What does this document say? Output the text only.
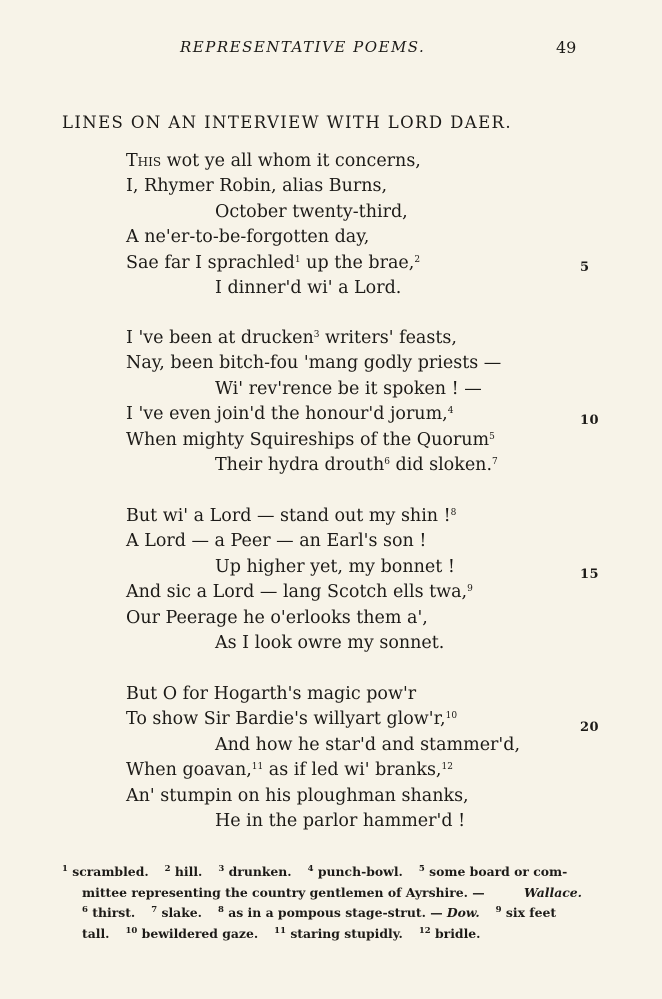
REPRESENTATIVE POEMS.	49
LINES ON AN INTERVIEW WITH LORD DAER.
This wot ye all whom it concerns,
I, Rhymer Robin, alias Burns,
October twenty-third,
A ne'er-to-be-forgotten day,
Sae far I sprachled$^1$ up the brae,$^2$
I dinner'd wi' a Lord.
I 've been at drucken$^3$ writers' feasts,
Nay, been bitch-fou 'mang godly priests —
Wi' rev'rence be it spoken ! —
I 've even join'd the honour'd jorum,$^4$
When mighty Squireships of the Quorum$^5$
Their hydra drouth$^6$ did sloken.$^7$
But wi' a Lord — stand out my shin !$^8$
A Lord — a Peer — an Earl's son !
Up higher yet, my bonnet !
And sic a Lord — lang Scotch ells twa,$^9$
Our Peerage he o'erlooks them a',
As I look owre my sonnet.
But O for Hogarth's magic pow'r
To show Sir Bardie's willyart glow'r,$^{10}$
And how he star'd and stammer'd,
When goavan,$^{11}$ as if led wi' branks,$^{12}$
An' stumpin on his ploughman shanks,
He in the parlor hammer'd !
5
10
15
20
$^1$ scrambled. $^2$ hill. $^3$ drunken. $^4$ punch-bowl. $^5$ some board or com-
mittee representing the country gentlemen of Ayrshire. —	Wallace.
$^6$ thirst. $^7$ slake. $^8$ as in a pompous stage-strut. — Dow. $^9$ six feet
tall. $^{10}$ bewildered gaze. $^{11}$ staring stupidly. $^{12}$ bridle.
